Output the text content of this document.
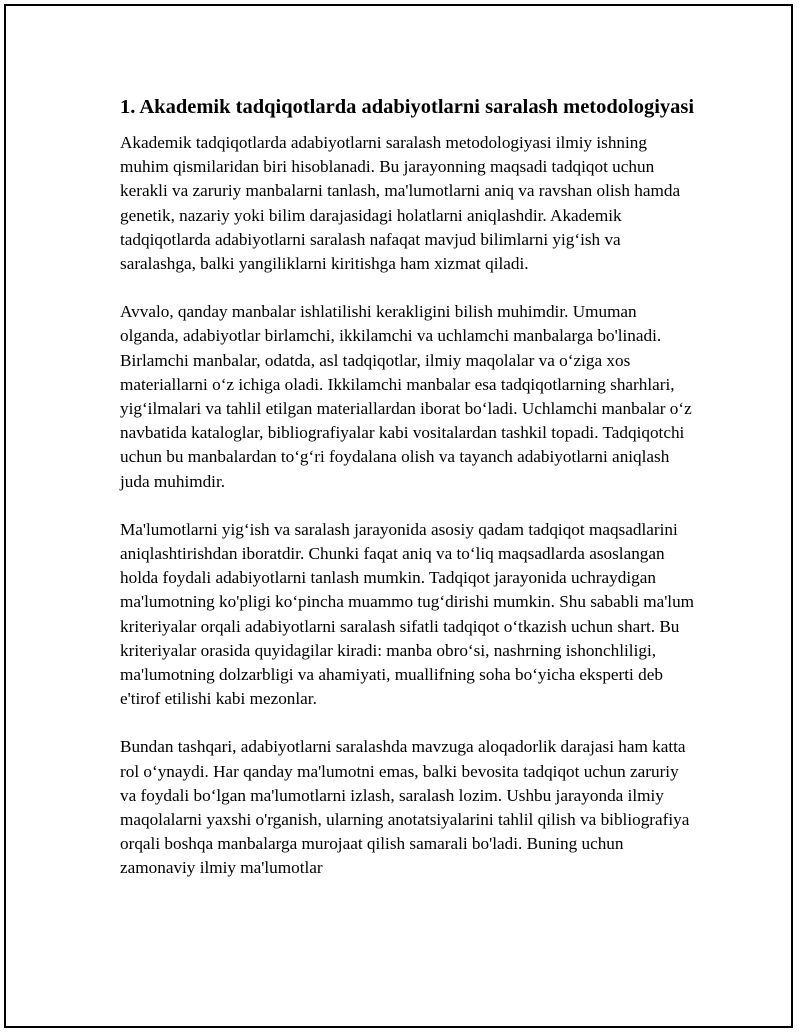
1. Akademik tadqiqotlarda adabiyotlarni saralash metodologiyasi

Akademik tadqiqotlarda adabiyotlarni saralash metodologiyasi ilmiy ishning muhim qismilaridan biri hisoblanadi. Bu jarayonning maqsadi tadqiqot uchun kerakli va zaruriy manbalarni tanlash, ma'lumotlarni aniq va ravshan olish hamda genetik, nazariy yoki bilim darajasidagi holatlarni aniqlashdir. Akademik tadqiqotlarda adabiyotlarni saralash nafaqat mavjud bilimlarni yig‘ish va saralashga, balki yangiliklarni kiritishga ham xizmat qiladi.

Avvalo, qanday manbalar ishlatilishi kerakligini bilish muhimdir. Umuman olganda, adabiyotlar birlamchi, ikkilamchi va uchlamchi manbalarga bo'linadi. Birlamchi manbalar, odatda, asl tadqiqotlar, ilmiy maqolalar va o‘ziga xos materiallarni o‘z ichiga oladi. Ikkilamchi manbalar esa tadqiqotlarning sharhlari, yig‘ilmalari va tahlil etilgan materiallardan iborat bo‘ladi. Uchlamchi manbalar o‘z navbatida kataloglar, bibliografiyalar kabi vositalardan tashkil topadi. Tadqiqotchi uchun bu manbalardan to‘g‘ri foydalana olish va tayanch adabiyotlarni aniqlash juda muhimdir.

Ma'lumotlarni yig‘ish va saralash jarayonida asosiy qadam tadqiqot maqsadlarini aniqlashtirishdan iboratdir. Chunki faqat aniq va to‘liq maqsadlarda asoslangan holda foydali adabiyotlarni tanlash mumkin. Tadqiqot jarayonida uchraydigan ma'lumotning ko'pligi ko‘pincha muammo tug‘dirishi mumkin. Shu sababli ma'lum kriteriyalar orqali adabiyotlarni saralash sifatli tadqiqot o‘tkazish uchun shart. Bu kriteriyalar orasida quyidagilar kiradi: manba obro‘si, nashrning ishonchliligi, ma'lumotning dolzarbligi va ahamiyati, muallifning soha bo‘yicha eksperti deb e'tirof etilishi kabi mezonlar.

Bundan tashqari, adabiyotlarni saralashda mavzuga aloqadorlik darajasi ham katta rol o‘ynaydi. Har qanday ma'lumotni emas, balki bevosita tadqiqot uchun zaruriy va foydali bo‘lgan ma'lumotlarni izlash, saralash lozim. Ushbu jarayonda ilmiy maqolalarni yaxshi o'rganish, ularning anotatsiyalarini tahlil qilish va bibliografiya orqali boshqa manbalarga murojaat qilish samarali bo'ladi. Buning uchun zamonaviy ilmiy ma'lumotlar
